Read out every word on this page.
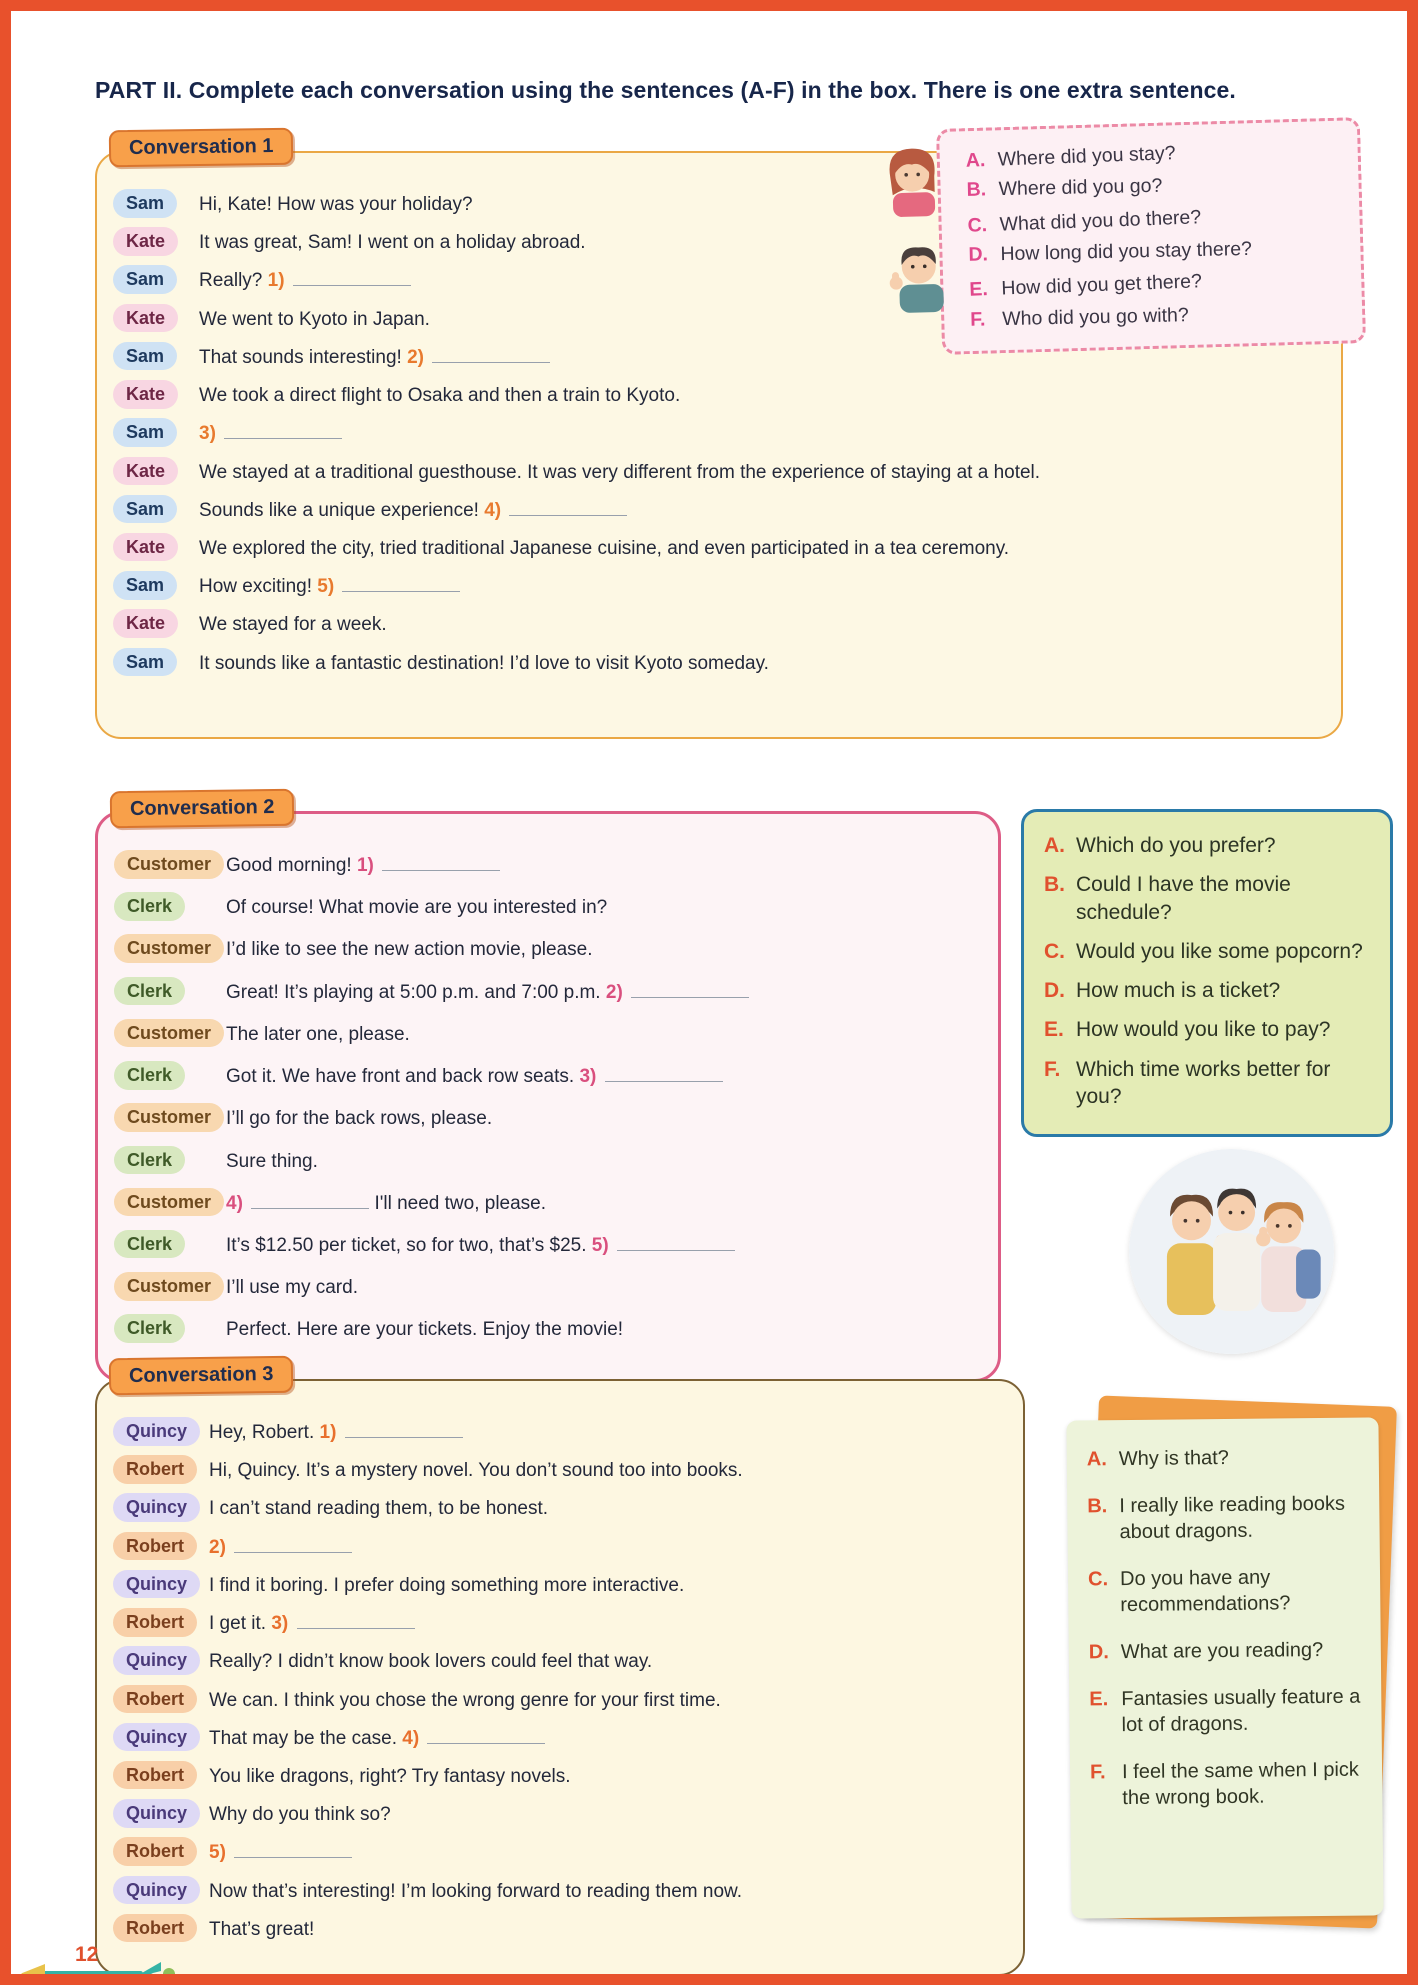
PART II. Complete each conversation using the sentences (A-F) in the box. There is one extra sentence.
Conversation 1
Sam	Hi, Kate! How was your holiday?
Kate	It was great, Sam! I went on a holiday abroad.
Sam	Really? 1)
Kate	We went to Kyoto in Japan.
Sam	That sounds interesting! 2)
Kate	We took a direct flight to Osaka and then a train to Kyoto.
Sam	3)
Kate	We stayed at a traditional guesthouse. It was very different from the experience of staying at a hotel.
Sam	Sounds like a unique experience! 4)
Kate	We explored the city, tried traditional Japanese cuisine, and even participated in a tea ceremony.
Sam	How exciting! 5)
Kate	We stayed for a week.
Sam	It sounds like a fantastic destination! I’d love to visit Kyoto someday.
A. Where did you stay?
B. Where did you go?
C. What did you do there?
D. How long did you stay there?
E. How did you get there?
F. Who did you go with?
Conversation 2
Customer Good morning! 1)
Clerk	Of course! What movie are you interested in?
Customer I’d like to see the new action movie, please.
Clerk	Great! It’s playing at 5:00 p.m. and 7:00 p.m. 2)
Customer The later one, please.
Clerk	Got it. We have front and back row seats. 3)
Customer I’ll go for the back rows, please.
Clerk	Sure thing.
Customer 4)	I'll need two, please.
Clerk	It’s $12.50 per ticket, so for two, that’s $25. 5)
Customer I’ll use my card.
Clerk	Perfect. Here are your tickets. Enjoy the movie!
A. Which do you prefer?
B. Could I have the movie schedule?
C. Would you like some popcorn?
D. How much is a ticket?
E. How would you like to pay?
F. Which time works better for you?
Conversation 3
Quincy	Hey, Robert. 1)
Robert	Hi, Quincy. It’s a mystery novel. You don’t sound too into books.
Quincy	I can’t stand reading them, to be honest.
Robert	2)
Quincy	I find it boring. I prefer doing something more interactive.
Robert	I get it. 3)
Quincy	Really? I didn’t know book lovers could feel that way.
Robert	We can. I think you chose the wrong genre for your first time.
Quincy	That may be the case. 4)
Robert	You like dragons, right? Try fantasy novels.
Quincy	Why do you think so?
Robert	5)
Quincy	Now that’s interesting! I’m looking forward to reading them now.
Robert	That’s great!
A. Why is that?
B. I really like reading books about dragons.
C. Do you have any recommendations?
D. What are you reading?
E. Fantasies usually feature a lot of dragons.
F. I feel the same when I pick the wrong book.
12
